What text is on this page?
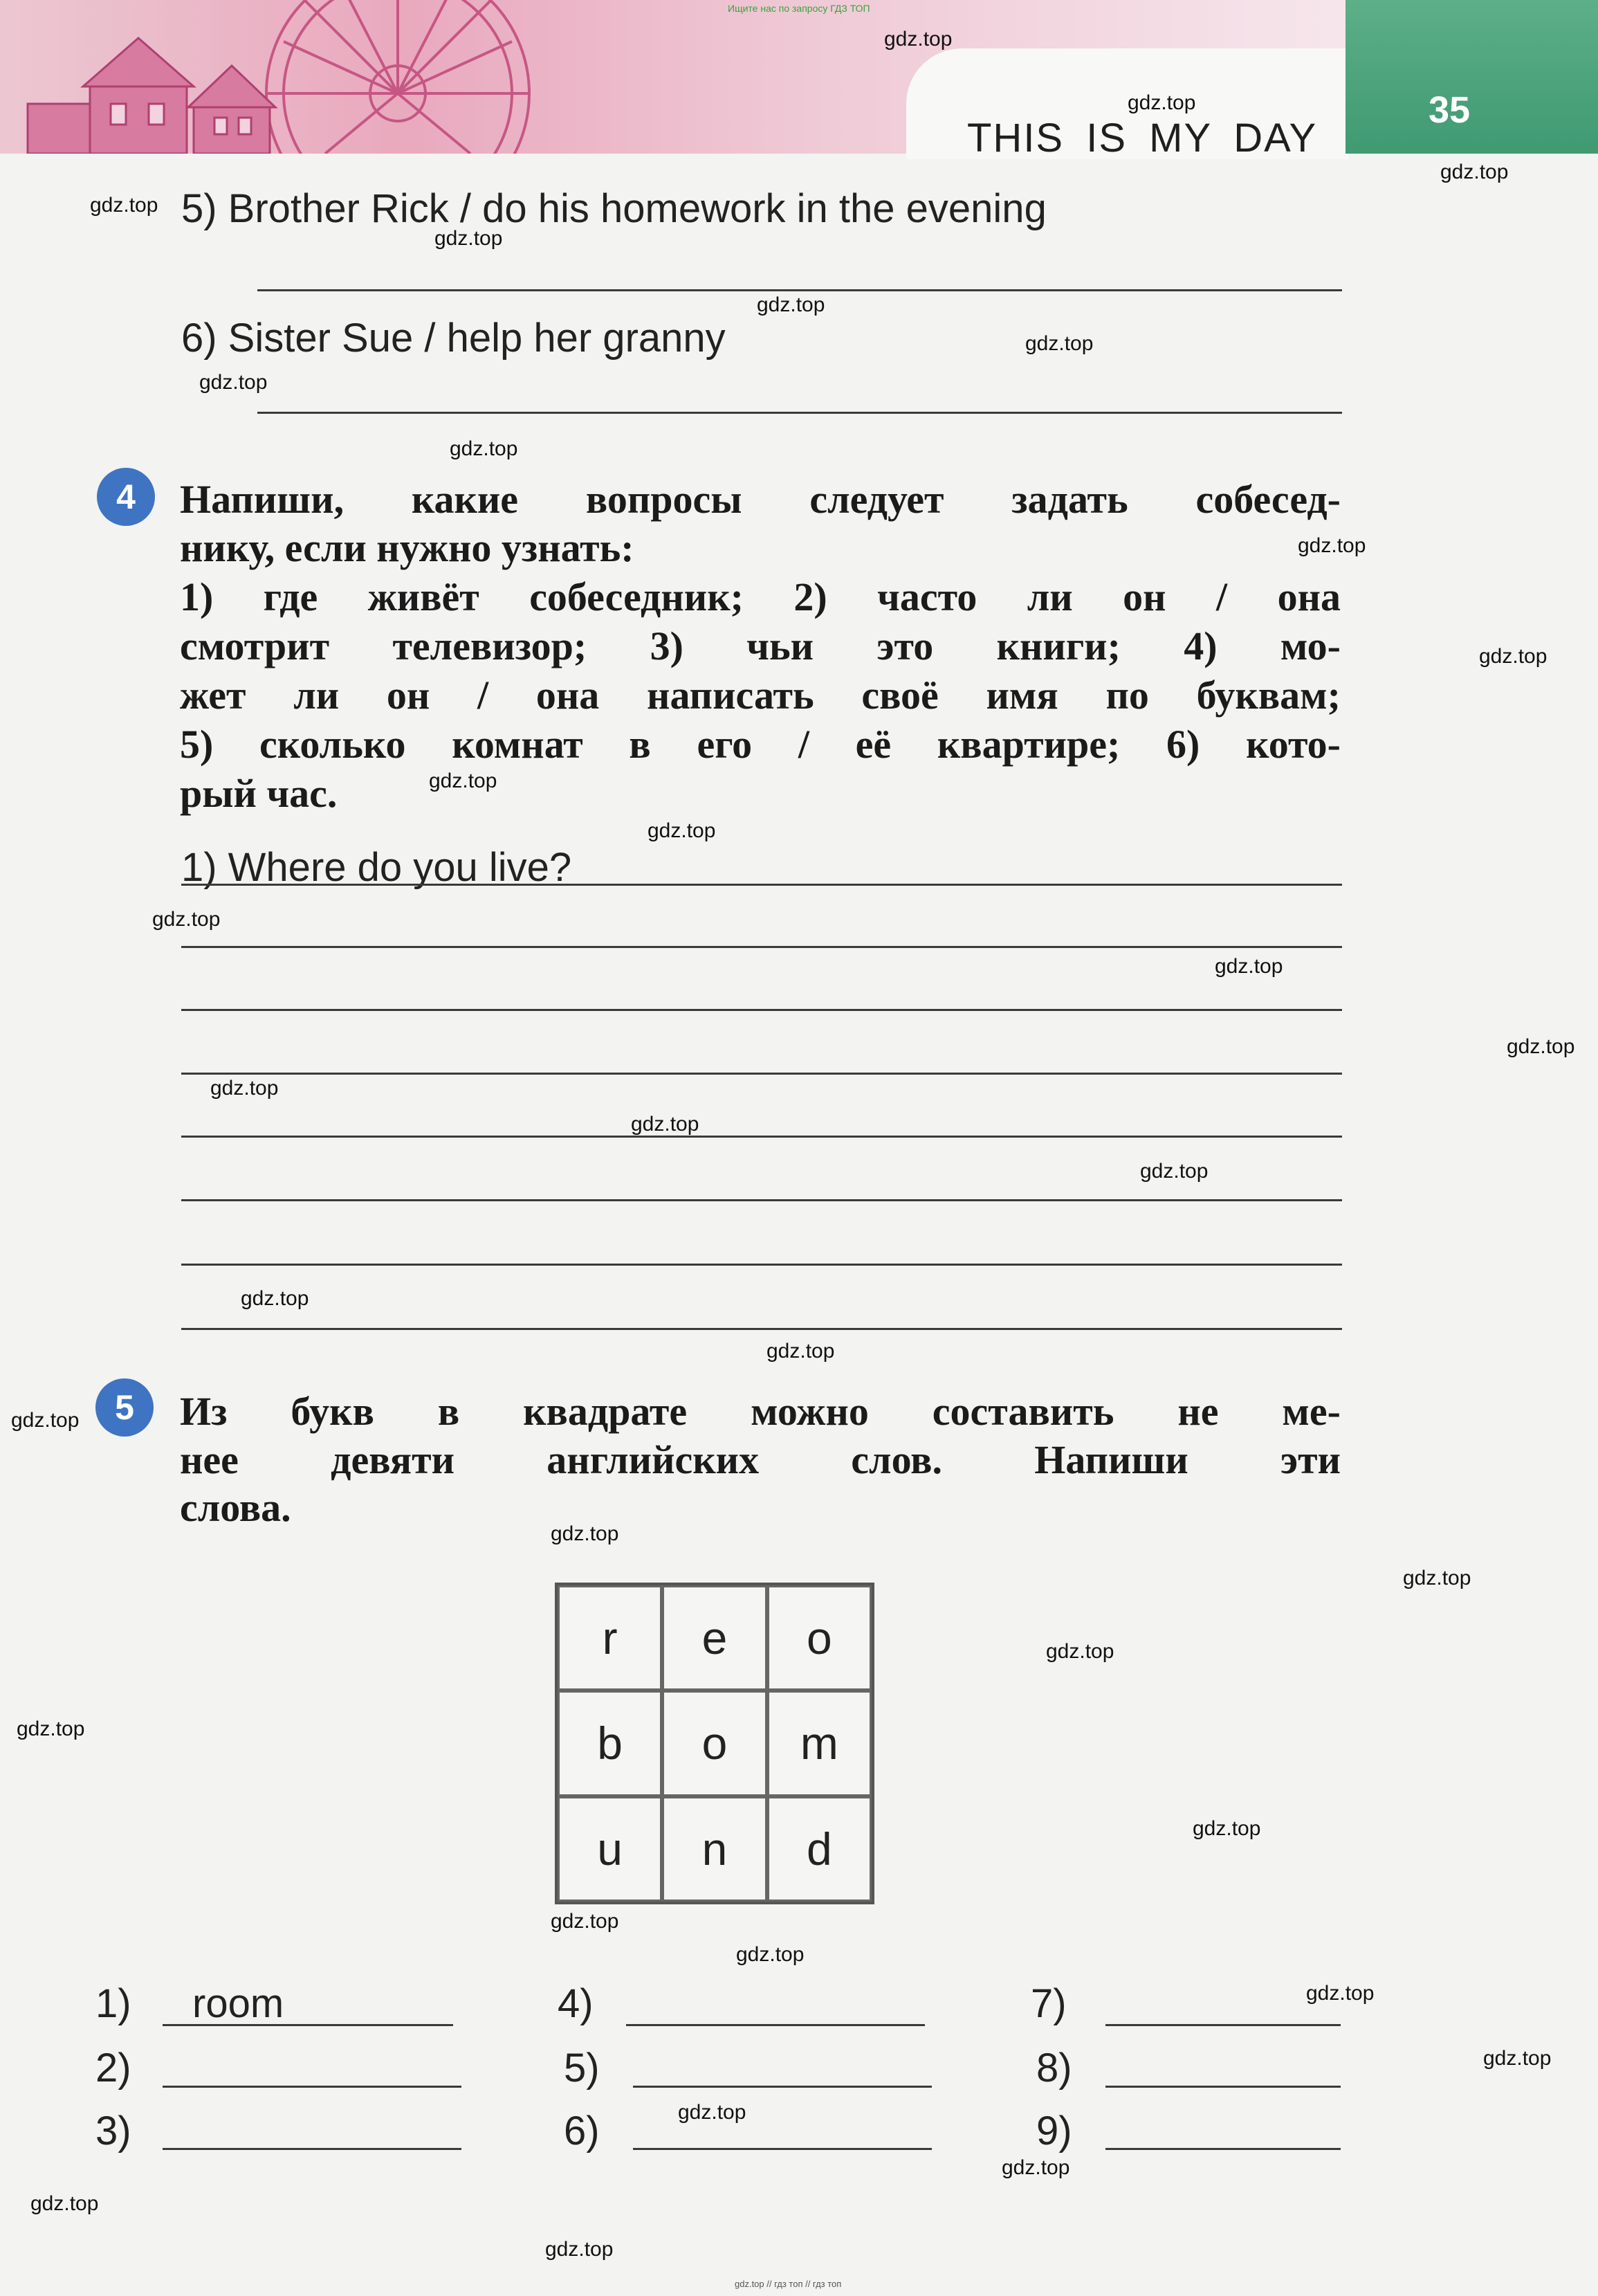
35
THIS IS MY DAY
Ищите нас по запросу ГДЗ ТОП
5) Brother Rick / do his homework in the evening
6) Sister Sue / help her granny
4	Напиши, какие вопросы следует задать собесед-
нику, если нужно узнать:
1) где живёт собеседник; 2) часто ли он / она
смотрит телевизор; 3) чьи это книги; 4) мо-
жет ли он / она написать своё имя по буквам;
5) сколько комнат в его / её квартире; 6) кото-
рый час.
1) Where do you live?
5	Из букв в квадрате можно составить не ме-
нее девяти английских слов. Напиши эти
слова.
r	e	o
b	o	m
u	n	d
1) room
2)
3)
4)
5)
6)
7)
8)
9)
gdz.top
gdz.top
gdz.top
gdz.top
gdz.top
gdz.top
gdz.top
gdz.top
gdz.top
gdz.top
gdz.top
gdz.top
gdz.top
gdz.top
gdz.top
gdz.top
gdz.top
gdz.top
gdz.top
gdz.top
gdz.top
gdz.top
gdz.top
gdz.top
gdz.top
gdz.top
gdz.top
gdz.top
gdz.top
gdz.top
gdz.top
gdz.top
gdz.top
gdz.top
gdz.top
gdz.top // гдз топ // гдз топ
